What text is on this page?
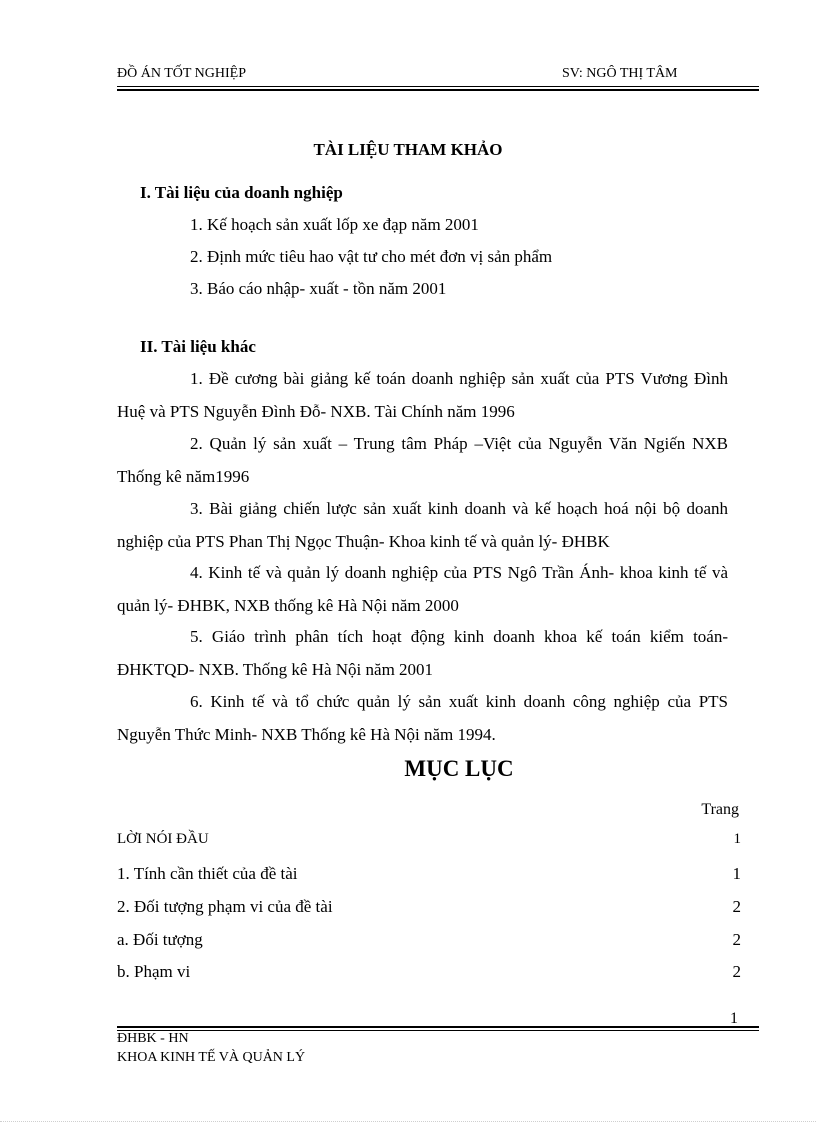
ĐỒ ÁN TỐT NGHIỆP	SV: NGÔ THỊ TÂM
TÀI LIỆU THAM KHẢO
I. Tài liệu của doanh nghiệp
1. Kế hoạch sản xuất lốp xe đạp năm 2001
2. Định mức tiêu hao vật tư cho mét đơn vị sản phẩm
3. Báo cáo nhập- xuất - tồn năm 2001
II. Tài liệu khác
1. Đề cương bài giảng kế toán doanh nghiệp sản xuất của PTS Vương Đình Huệ và PTS Nguyễn Đình Đỗ- NXB. Tài Chính năm 1996
2. Quản lý sản xuất – Trung tâm Pháp –Việt của Nguyễn Văn Ngiến NXB Thống kê năm1996
3. Bài giảng chiến lược sản xuất kinh doanh và kế hoạch hoá nội bộ doanh nghiệp của PTS Phan Thị Ngọc Thuận- Khoa kinh tế và quản lý- ĐHBK
4. Kinh tế và quản lý doanh nghiệp của PTS Ngô Trần Ánh- khoa kinh tế và quản lý- ĐHBK, NXB thống kê Hà Nội năm 2000
5. Giáo trình phân tích hoạt động kinh doanh khoa kế toán kiểm toán- ĐHKTQD- NXB. Thống kê Hà Nội năm 2001
6. Kinh tế và tổ chức quản lý sản xuất kinh doanh công nghiệp của PTS Nguyễn Thức Minh- NXB Thống kê Hà Nội năm 1994.
MỤC LỤC
Trang
LỜI NÓI ĐẦU	1
1. Tính cần thiết của đề tài	1
2. Đối tượng phạm vi của đề tài	2
a. Đối tượng	2
b. Phạm vi	2
1
ĐHBK - HN
KHOA KINH TẾ VÀ QUẢN LÝ
